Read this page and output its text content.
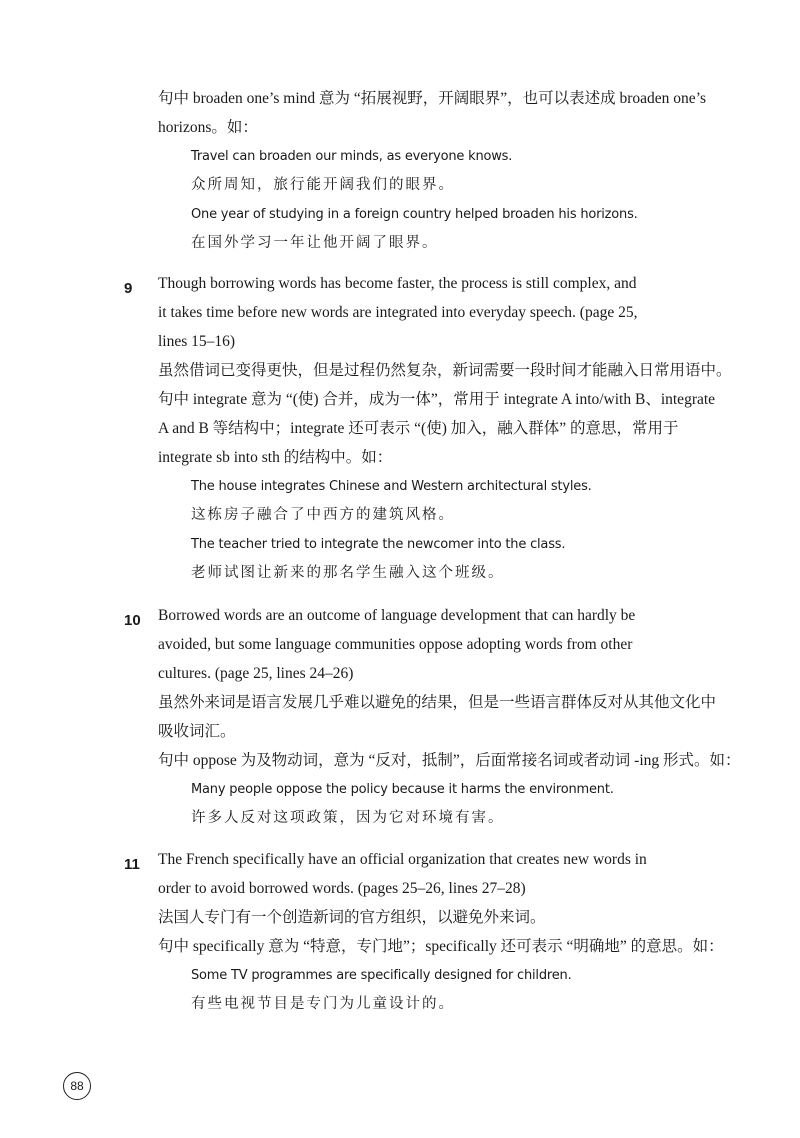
句中 broaden one’s mind 意为 “拓展视野，开阔眼界”，也可以表述成 broaden one’s
horizons。如：
Travel can broaden our minds, as everyone knows.
众所周知，旅行能开阔我们的眼界。
One year of studying in a foreign country helped broaden his horizons.
在国外学习一年让他开阔了眼界。
9 Though borrowing words has become faster, the process is still complex, and
it takes time before new words are integrated into everyday speech. (page 25,
lines 15–16)
虽然借词已变得更快，但是过程仍然复杂，新词需要一段时间才能融入日常用语中。
句中 integrate 意为 “(使) 合并，成为一体”，常用于 integrate A into/with B、integrate
A and B 等结构中；integrate 还可表示 “(使) 加入，融入群体” 的意思，常用于
integrate sb into sth 的结构中。如：
The house integrates Chinese and Western architectural styles.
这栋房子融合了中西方的建筑风格。
The teacher tried to integrate the newcomer into the class.
老师试图让新来的那名学生融入这个班级。
10 Borrowed words are an outcome of language development that can hardly be
avoided, but some language communities oppose adopting words from other
cultures. (page 25, lines 24–26)
虽然外来词是语言发展几乎难以避免的结果，但是一些语言群体反对从其他文化中
吸收词汇。
句中 oppose 为及物动词，意为 “反对，抵制”，后面常接名词或者动词 -ing 形式。如：
Many people oppose the policy because it harms the environment.
许多人反对这项政策，因为它对环境有害。
11 The French specifically have an official organization that creates new words in
order to avoid borrowed words. (pages 25–26, lines 27–28)
法国人专门有一个创造新词的官方组织，以避免外来词。
句中 specifically 意为 “特意，专门地”；specifically 还可表示 “明确地” 的意思。如：
Some TV programmes are specifically designed for children.
有些电视节目是专门为儿童设计的。
88
